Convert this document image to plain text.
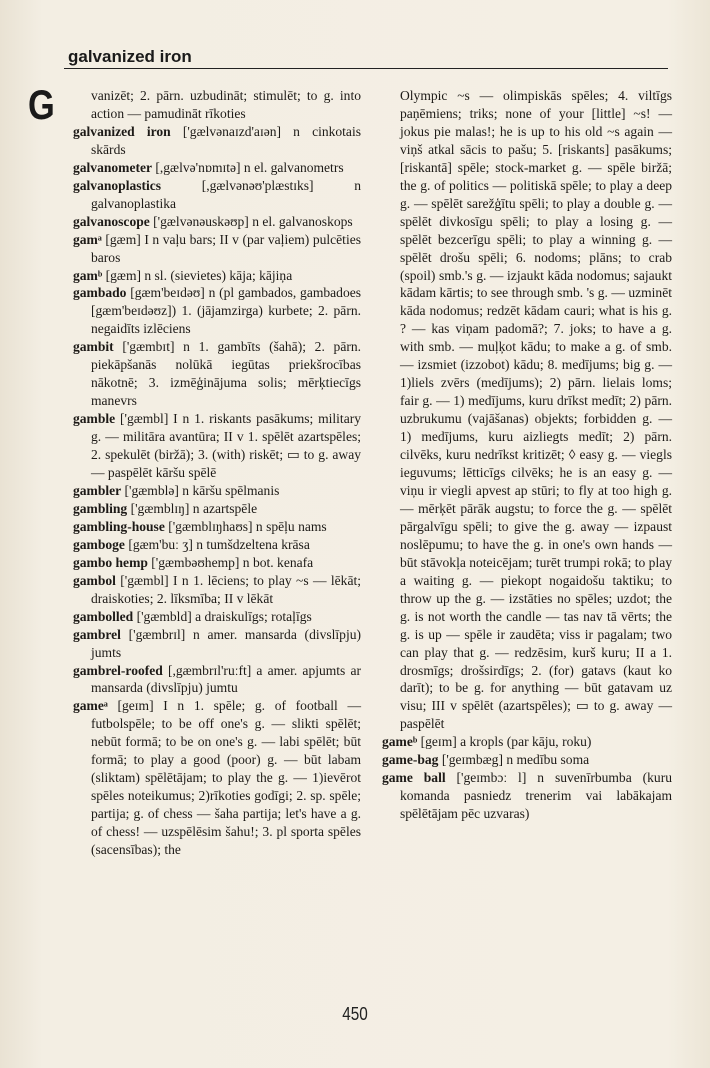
galvanized iron
G	vanizēt; 2. pārn. uzbudināt; stimulēt; to g. into action — pamudināt rīkoties

galvanized iron ['gælvənaɪzd'aɪən] n cinkotais skārds

galvanometer [,gælvə'nɒmɪtə] n el. galvanometrs

galvanoplastics [,gælvənəʊ'plæstɪks] n galvanoplastika

galvanoscope ['gælvənəuskəʊp] n el. galvanoskops

gamᵃ [gæm] I n vaļu bars; II v (par vaļiem) pulcēties baros

gamᵇ [gæm] n sl. (sievietes) kāja; kājiņa

gambado [gæm'beɪdəʊ] n (pl gambados, gambadoes [gæm'beɪdəʊz]) 1. (jājamzirga) kurbete; 2. pārn. negaidīts izlēciens

gambit ['gæmbɪt] n 1. gambīts (šahā); 2. pārn. piekāpšanās nolūkā iegūtas priekšrocības nākotnē; 3. izmēģinājuma solis; mērķtiecīgs manevrs

gamble ['gæmbl] I n 1. riskants pasākums; military g. — militāra avantūra; II v 1. spēlēt azartspēles; 2. spekulēt (biržā); 3. (with) riskēt; ▭ to g. away — paspēlēt kāršu spēlē

gambler ['gæmblə] n kāršu spēlmanis

gambling ['gæmblɪŋ] n azartspēle

gambling-house ['gæmblɪŋhaʊs] n spēļu nams

gamboge [gæm'buː ʒ] n tumšdzeltena krāsa

gambo hemp ['gæmbəʊhemp] n bot. kenafa

gambol ['gæmbl] I n 1. lēciens; to play ~s — lēkāt; draiskoties; 2. līksmība; II v lēkāt

gambolled ['gæmbld] a draiskulīgs; rotaļīgs

gambrel ['gæmbrɪl] n amer. mansarda (divslīpju) jumts

gambrel-roofed [,gæmbrɪl'ruːft] a amer. apjumts ar mansarda (divslīpju) jumtu

gameᵃ [geɪm] I n 1. spēle; g. of football — futbolspēle; to be off one's g. — slikti spēlēt; nebūt formā; to be on one's g. — labi spēlēt; būt formā; to play a good (poor) g. — būt labam (sliktam) spēlētājam; to play the g. — 1)ievērot spēles noteikumus; 2)rīkoties godīgi; 2. sp. spēle; partija; g. of chess — šaha partija; let's have a g. of chess! — uzspēlēsim šahu!; 3. pl sporta spēles (sacensības); the

Olympic ~s — olimpiskās spēles; 4. viltīgs paņēmiens; triks; none of your [little] ~s! — jokus pie malas!; he is up to his old ~s again — viņš atkal sācis to pašu; 5. [riskants] pasākums; [riskantā] spēle; stock-market g. — spēle biržā; the g. of politics — politiskā spēle; to play a deep g. — spēlēt sarežģītu spēli; to play a double g. — spēlēt divkosīgu spēli; to play a losing g. — spēlēt bezcerīgu spēli; to play a winning g. — spēlēt drošu spēli; 6. nodoms; plāns; to crab (spoil) smb.'s g. — izjaukt kāda nodomus; sajaukt kādam kārtis; to see through smb. 's g. — uzminēt kāda nodomus; redzēt kādam cauri; what is his g. ? — kas viņam padomā?; 7. joks; to have a g. with smb. — muļķot kādu; to make a g. of smb. — izsmiet (izzobot) kādu; 8. medījums; big g. — 1)liels zvērs (medījums); 2) pārn. lielais loms; fair g. — 1) medījums, kuru drīkst medīt; 2) pārn. uzbrukumu (vajāšanas) objekts; forbidden g. — 1) medījums, kuru aizliegts medīt; 2) pārn. cilvēks, kuru nedrīkst kritizēt; ◊ easy g. — viegls ieguvums; lētticīgs cilvēks; he is an easy g. — viņu ir viegli apvest ap stūri; to fly at too high g. — mērķēt pārāk augstu; to force the g. — spēlēt pārgalvīgu spēli; to give the g. away — izpaust noslēpumu; to have the g. in one's own hands — būt stāvokļa noteicējam; turēt trumpi rokā; to play a waiting g. — piekopt nogaidošu taktiku; to throw up the g. — izstāties no spēles; uzdot; the g. is not worth the candle — tas nav tā vērts; the g. is up — spēle ir zaudēta; viss ir pagalam; two can play that g. — redzēsim, kurš kuru; II a 1. drosmīgs; drošsirdīgs; 2. (for) gatavs (kaut ko darīt); to be g. for anything — būt gatavam uz visu; III v spēlēt (azartspēles); ▭ to g. away — paspēlēt

gameᵇ [geɪm] a kropls (par kāju, roku)

game-bag ['geɪmbæg] n medību soma

game ball ['geɪmbɔː l] n suvenīrbumba (kuru komanda pasniedz trenerim vai labākajam spēlētājam pēc uzvaras)

450
